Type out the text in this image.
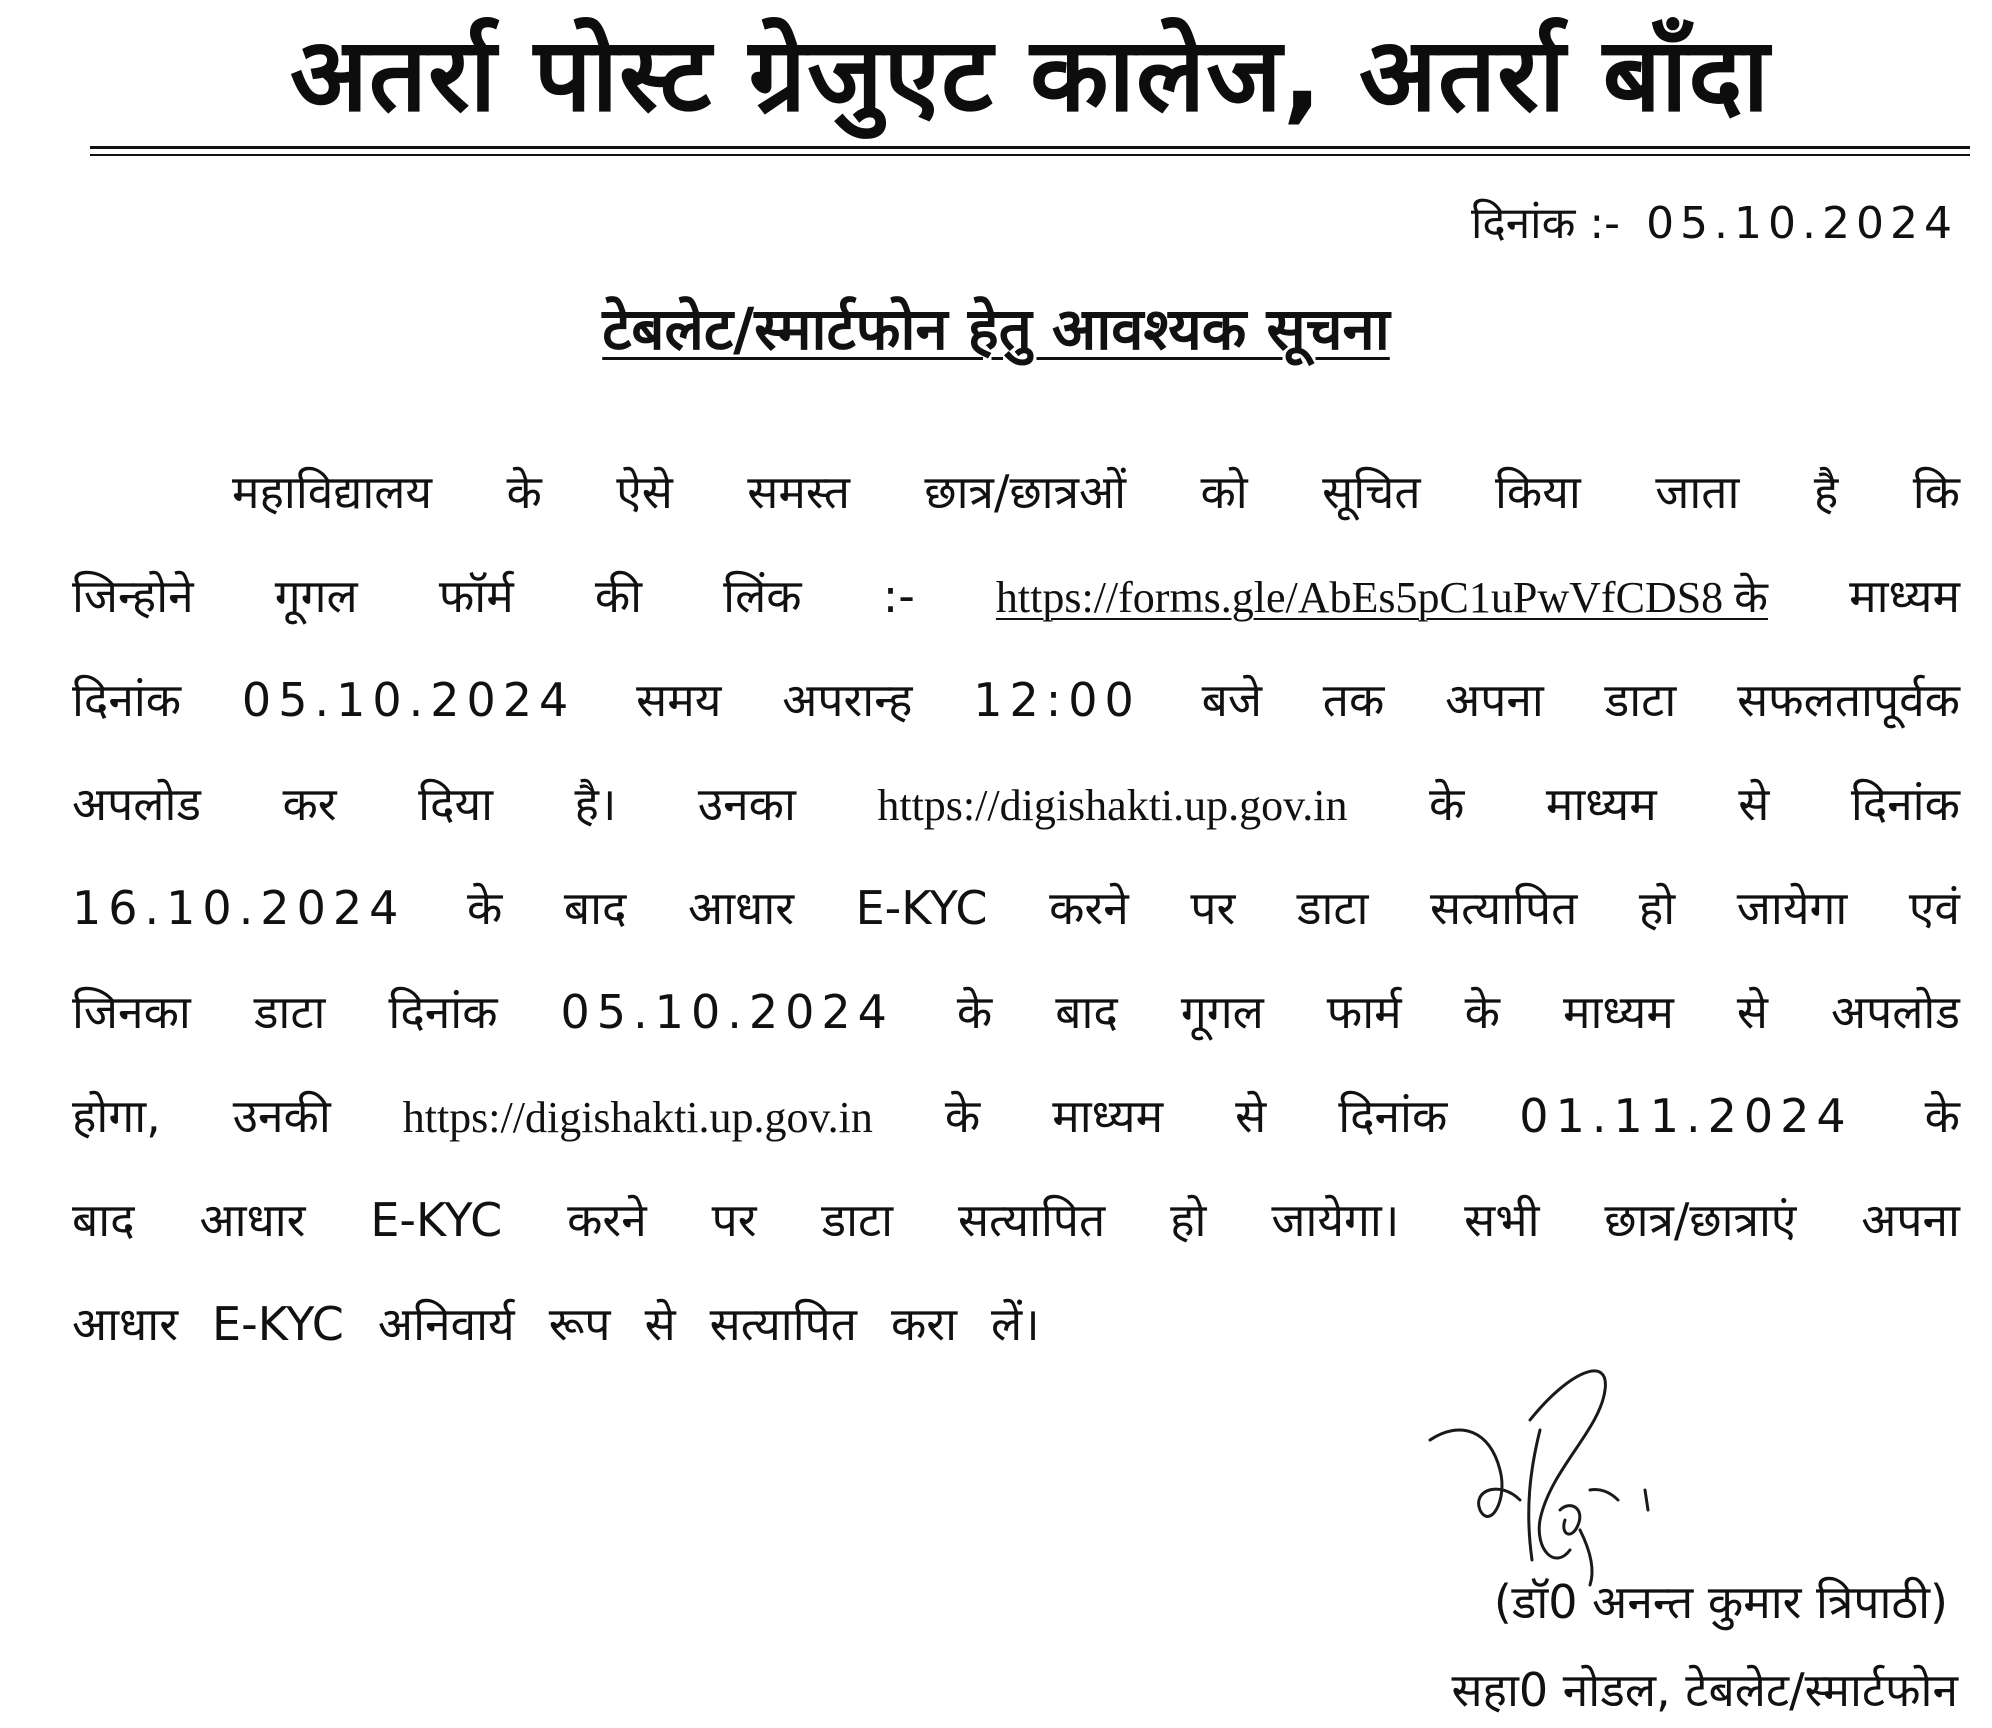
अतर्रा पोस्ट ग्रेजुएट कालेज, अतर्रा बाँदा
दिनांक :- 05.10.2024
टेबलेट/स्मार्टफोन हेतु आवश्यक सूचना
महाविद्यालय के ऐसे समस्त छात्र/छात्रओं को सूचित किया जाता है कि
जिन्होने गूगल फॉर्म की लिंक :- https://forms.gle/AbEs5pC1uPwVfCDS8 के माध्यम
दिनांक 05.10.2024 समय अपरान्ह 12:00 बजे तक अपना डाटा सफलतापूर्वक
अपलोड कर दिया है। उनका https://digishakti.up.gov.in के माध्यम से दिनांक
16.10.2024 के बाद आधार E-KYC करने पर डाटा सत्यापित हो जायेगा एवं
जिनका डाटा दिनांक 05.10.2024 के बाद गूगल फार्म के माध्यम से अपलोड
होगा, उनकी https://digishakti.up.gov.in के माध्यम से दिनांक 01.11.2024 के
बाद आधार E-KYC करने पर डाटा सत्यापित हो जायेगा। सभी छात्र/छात्राएं अपना
आधार E-KYC अनिवार्य रूप से सत्यापित करा लें।
(डॉ0 अनन्त कुमार त्रिपाठी)
सहा0 नोडल, टेबलेट/स्मार्टफोन
